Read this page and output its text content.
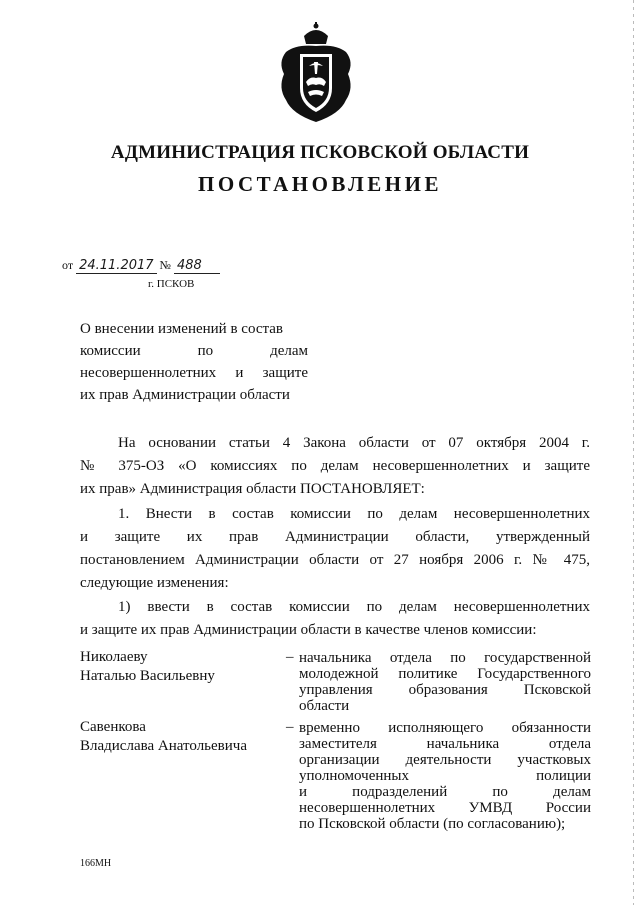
АДМИНИСТРАЦИЯ ПСКОВСКОЙ ОБЛАСТИ
ПОСТАНОВЛЕНИЕ
от 24.11.2017 № 488
г. ПСКОВ
О внесении изменений в состав
комиссии по делам
несовершеннолетних и защите
их прав Администрации области
На основании статьи 4 Закона области от 07 октября 2004 г.
№ 375-ОЗ «О комиссиях по делам несовершеннолетних и защите
их прав» Администрация области ПОСТАНОВЛЯЕТ:
1. Внести в состав комиссии по делам несовершеннолетних
и защите их прав Администрации области, утвержденный
постановлением Администрации области от 27 ноября 2006 г. № 475,
следующие изменения:
1) ввести в состав комиссии по делам несовершеннолетних
и защите их прав Администрации области в качестве членов комиссии:
Николаеву
Наталью Васильевну
– начальника отдела по государственной
молодежной политике Государственного
управления образования Псковской
области
Савенкова
Владислава Анатольевича
– временно исполняющего обязанности
заместителя начальника отдела
организации деятельности участковых
уполномоченных полиции
и подразделений по делам
несовершеннолетних УМВД России
по Псковской области (по согласованию);
166МН
